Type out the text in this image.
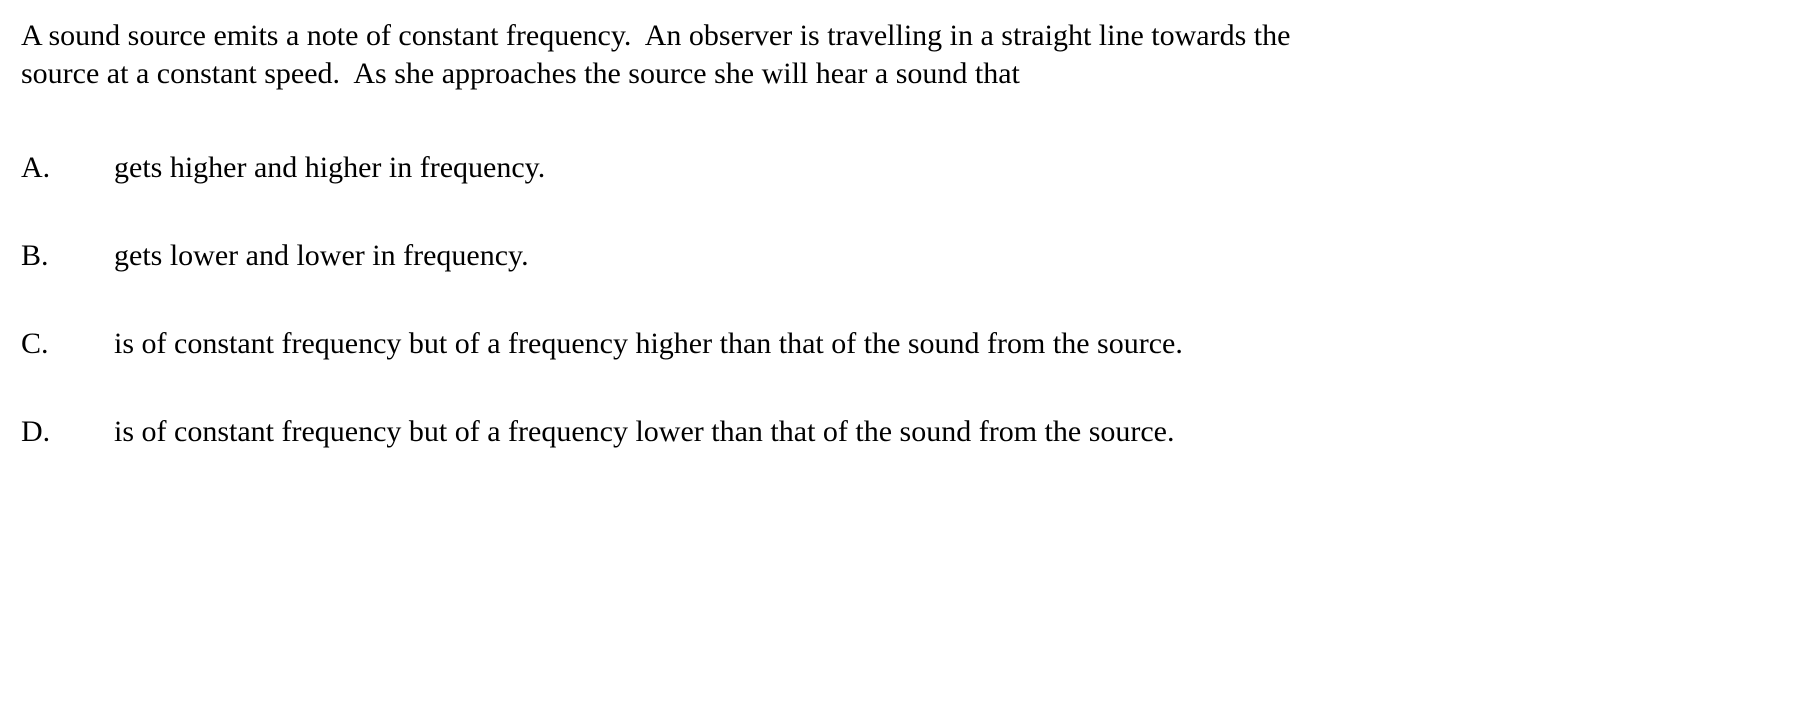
A sound source emits a note of constant frequency.  An observer is travelling in a straight line towards the
source at a constant speed.  As she approaches the source she will hear a sound that
A.	gets higher and higher in frequency.
B.	gets lower and lower in frequency.
C.	is of constant frequency but of a frequency higher than that of the sound from the source.
D.	is of constant frequency but of a frequency lower than that of the sound from the source.
